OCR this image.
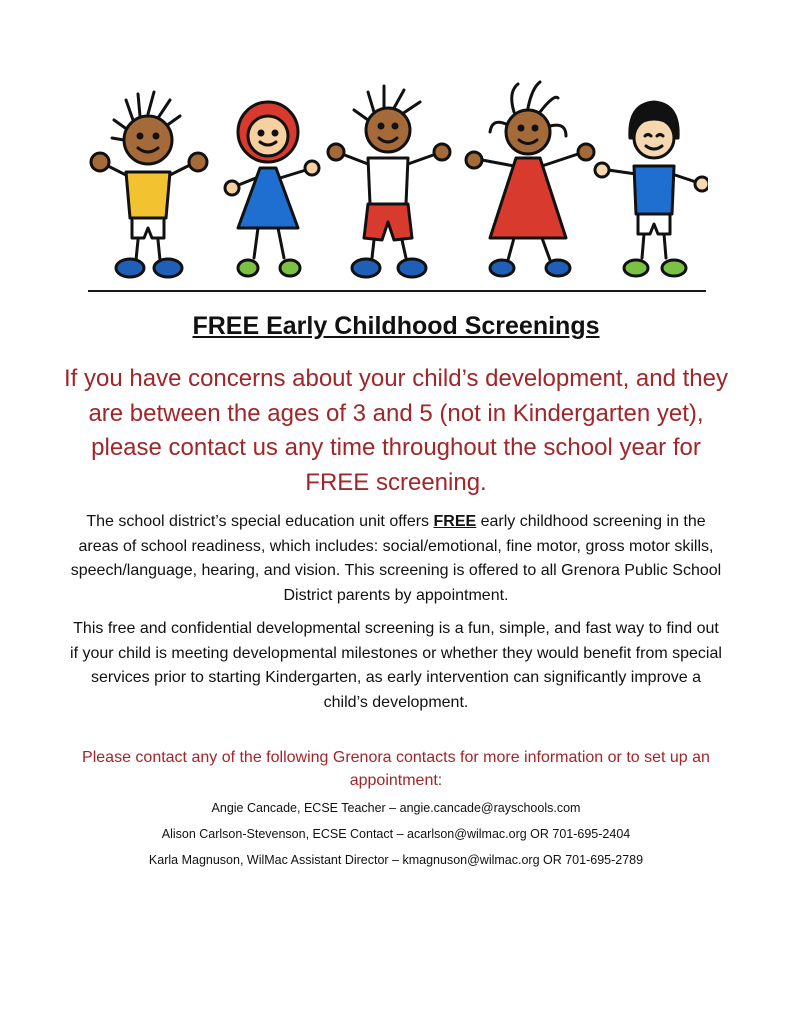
FREE Early Childhood Screenings

If you have concerns about your child’s development, and they are between the ages of 3 and 5 (not in Kindergarten yet), please contact us any time throughout the school year for FREE screening.

The school district’s special education unit offers FREE early childhood screening in the areas of school readiness, which includes: social/emotional, fine motor, gross motor skills, speech/language, hearing, and vision. This screening is offered to all Grenora Public School District parents by appointment.

This free and confidential developmental screening is a fun, simple, and fast way to find out if your child is meeting developmental milestones or whether they would benefit from special services prior to starting Kindergarten, as early intervention can significantly improve a child’s development.

Please contact any of the following Grenora contacts for more information or to set up an appointment:

Angie Cancade, ECSE Teacher – angie.cancade@rayschools.com
Alison Carlson-Stevenson, ECSE Contact – acarlson@wilmac.org OR 701-695-2404
Karla Magnuson, WilMac Assistant Director – kmagnuson@wilmac.org OR 701-695-2789
